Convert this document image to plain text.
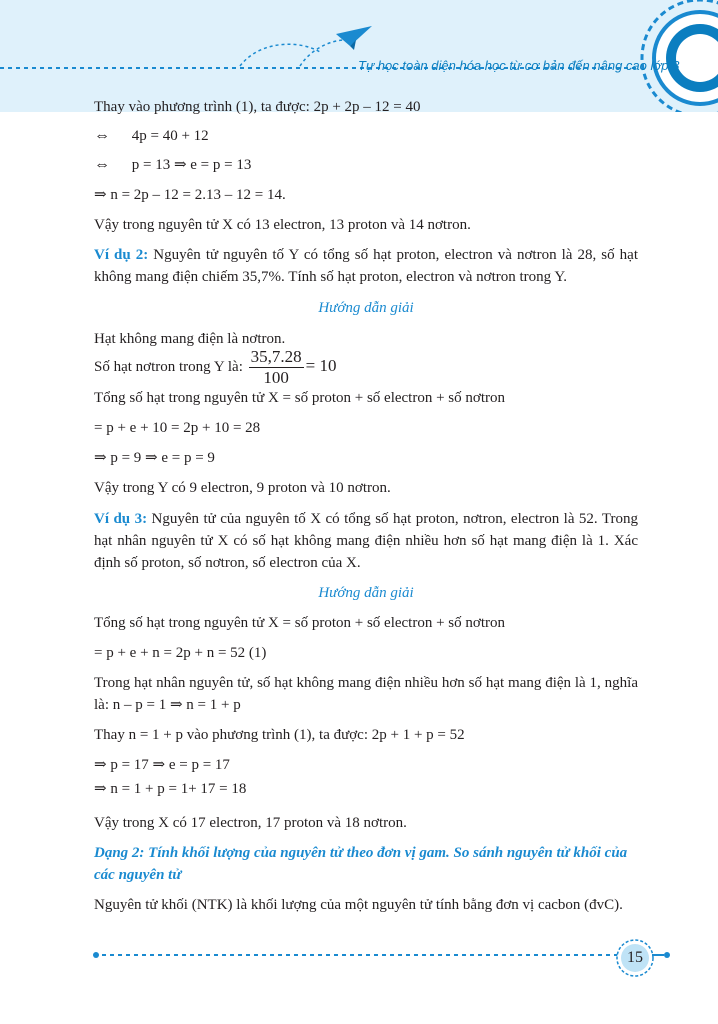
Tự học toàn diện hóa học từ cơ bản đến nâng cao lớp 8
Thay vào phương trình (1), ta được: 2p + 2p – 12 = 40
⇔ 4p = 40 + 12
⇔ p = 13 ⇒ e = p = 13
⇒ n = 2p – 12 = 2.13 – 12 = 14.
Vậy trong nguyên tử X có 13 electron, 13 proton và 14 nơtron.
Ví dụ 2: Nguyên tử nguyên tố Y có tổng số hạt proton, electron và nơtron là 28, số hạt không mang điện chiếm 35,7%. Tính số hạt proton, electron và nơtron trong Y.
Hướng dẫn giải
Hạt không mang điện là nơtron.
Số hạt nơtron trong Y là: $\frac{35,7.28}{100} = 10$
Tổng số hạt trong nguyên tử X = số proton + số electron + số nơtron
= p + e + 10 = 2p + 10 = 28
⇒ p = 9 ⇒ e = p = 9
Vậy trong Y có 9 electron, 9 proton và 10 nơtron.
Ví dụ 3: Nguyên tử của nguyên tố X có tổng số hạt proton, nơtron, electron là 52. Trong hạt nhân nguyên tử X có số hạt không mang điện nhiều hơn số hạt mang điện là 1. Xác định số proton, số nơtron, số electron của X.
Hướng dẫn giải
Tổng số hạt trong nguyên tử X = số proton + số electron + số nơtron
= p + e + n = 2p + n = 52 (1)
Trong hạt nhân nguyên tử, số hạt không mang điện nhiều hơn số hạt mang điện là 1, nghĩa là: n – p = 1 ⇒ n = 1 + p
Thay n = 1 + p vào phương trình (1), ta được: 2p + 1 + p = 52
⇒ p = 17 ⇒ e = p = 17
⇒ n = 1 + p = 1+ 17 = 18
Vậy trong X có 17 electron, 17 proton và 18 nơtron.
Dạng 2: Tính khối lượng của nguyên tử theo đơn vị gam. So sánh nguyên tử khối của các nguyên tử
Nguyên tử khối (NTK) là khối lượng của một nguyên tử tính bằng đơn vị cacbon (đvC).
15
